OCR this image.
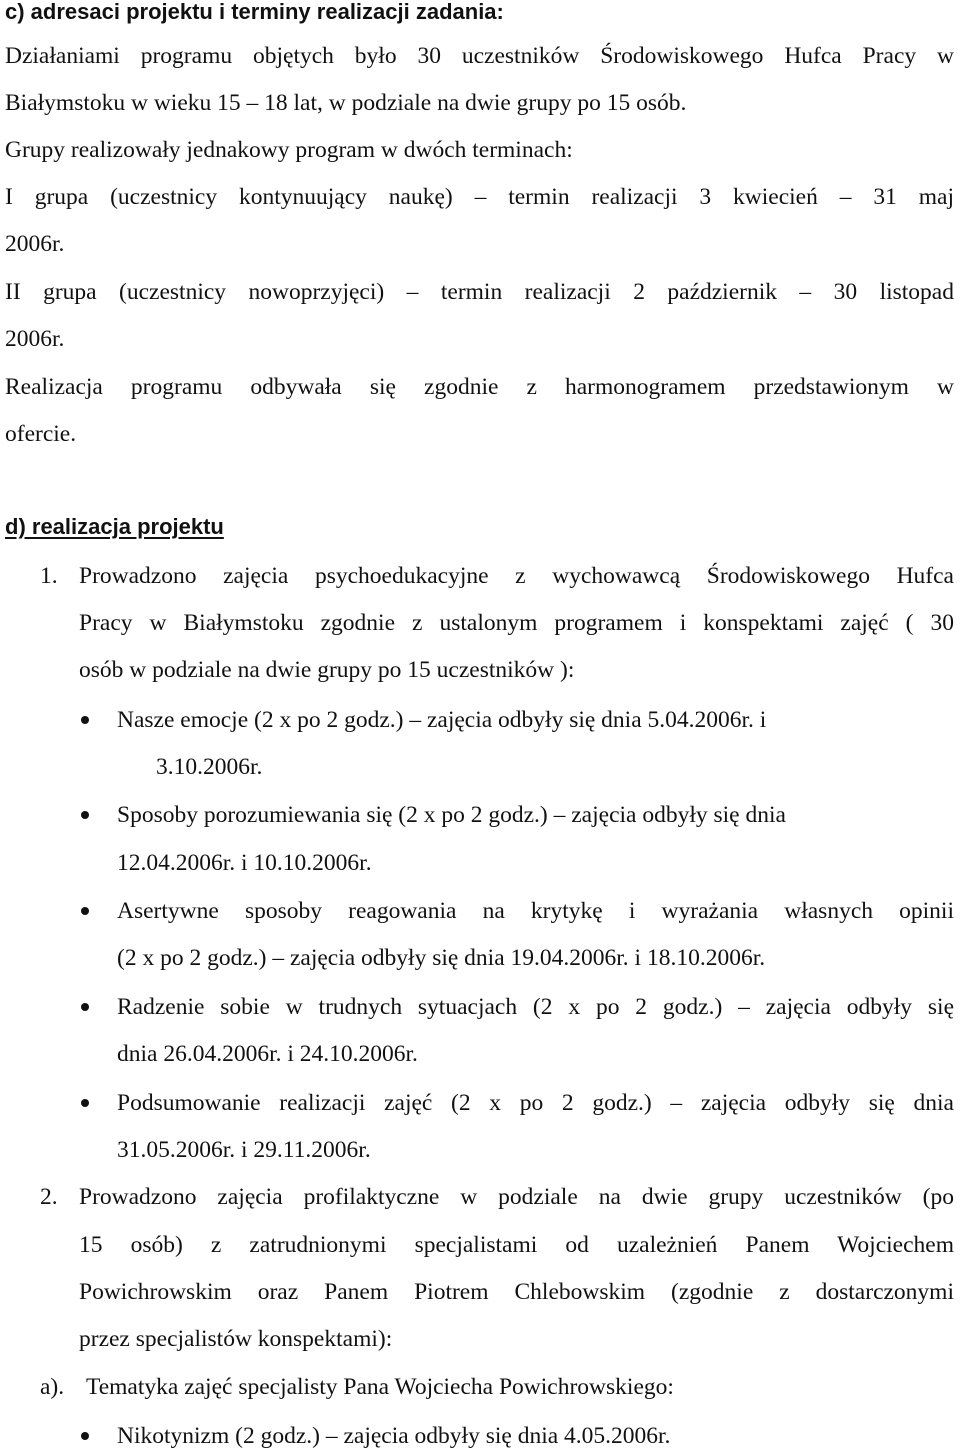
c) adresaci projektu i terminy realizacji zadania:
Działaniami programu objętych było 30 uczestników Środowiskowego Hufca Pracy w
Białymstoku w wieku 15 – 18 lat, w podziale na dwie grupy po 15 osób.
Grupy realizowały jednakowy program w dwóch terminach:
I grupa (uczestnicy kontynuujący naukę) – termin realizacji 3 kwiecień – 31 maj
2006r.
II grupa (uczestnicy nowoprzyjęci) – termin realizacji 2 październik – 30 listopad
2006r.
Realizacja programu odbywała się zgodnie z harmonogramem przedstawionym w
ofercie.
d) realizacja projektu
1. Prowadzono zajęcia psychoedukacyjne z wychowawcą Środowiskowego Hufca
Pracy w Białymstoku zgodnie z ustalonym programem i konspektami zajęć ( 30
osób w podziale na dwie grupy po 15 uczestników ):
Nasze emocje (2 x po 2 godz.) – zajęcia odbyły się dnia 5.04.2006r. i
3.10.2006r.
Sposoby porozumiewania się (2 x po 2 godz.) – zajęcia odbyły się dnia
12.04.2006r. i 10.10.2006r.
Asertywne sposoby reagowania na krytykę i wyrażania własnych opinii
(2 x po 2 godz.) – zajęcia odbyły się dnia 19.04.2006r. i 18.10.2006r.
Radzenie sobie w trudnych sytuacjach (2 x po 2 godz.) – zajęcia odbyły się
dnia 26.04.2006r. i 24.10.2006r.
Podsumowanie realizacji zajęć (2 x po 2 godz.) – zajęcia odbyły się dnia
31.05.2006r. i 29.11.2006r.
2. Prowadzono zajęcia profilaktyczne w podziale na dwie grupy uczestników (po
15 osób) z zatrudnionymi specjalistami od uzależnień Panem Wojciechem
Powichrowskim oraz Panem Piotrem Chlebowskim (zgodnie z dostarczonymi
przez specjalistów konspektami):
a). Tematyka zajęć specjalisty Pana Wojciecha Powichrowskiego:
Nikotynizm (2 godz.) – zajęcia odbyły się dnia 4.05.2006r.
